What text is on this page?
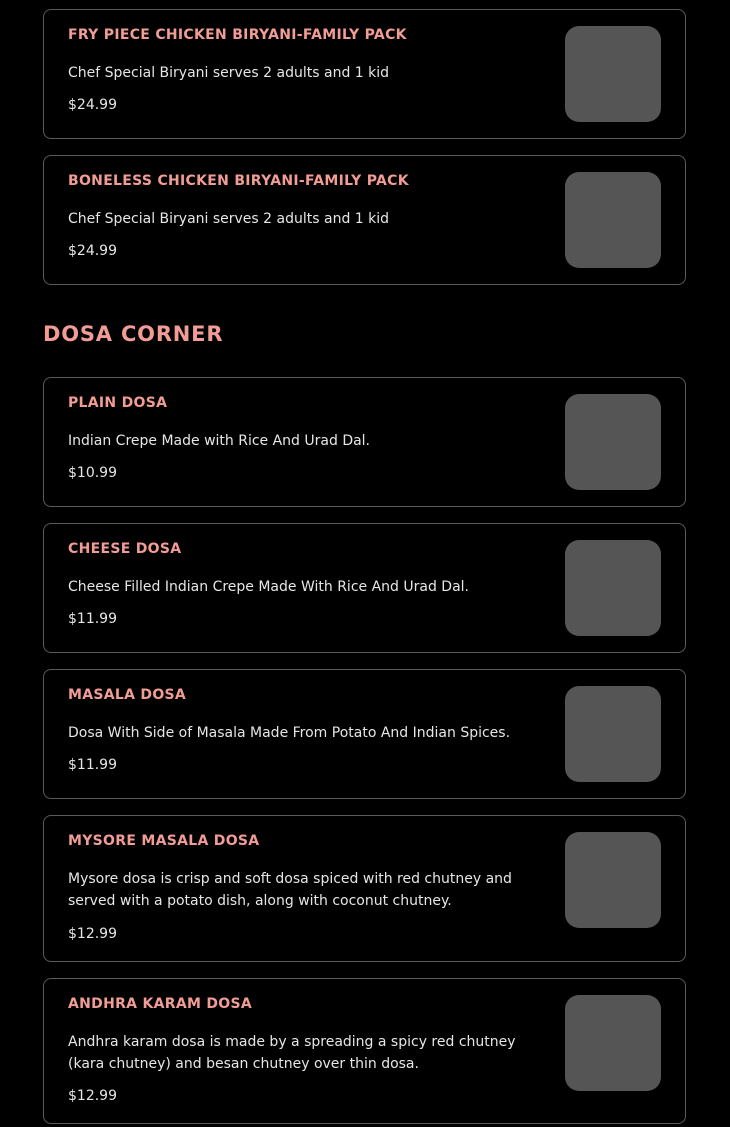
FRY PIECE CHICKEN BIRYANI-FAMILY PACK

Chef Special Biryani serves 2 adults and 1 kid

$24.99

BONELESS CHICKEN BIRYANI-FAMILY PACK

Chef Special Biryani serves 2 adults and 1 kid

$24.99

DOSA CORNER
PLAIN DOSA

Indian Crepe Made with Rice And Urad Dal.

$10.99

CHEESE DOSA

Cheese Filled Indian Crepe Made With Rice And Urad Dal.

$11.99

MASALA DOSA

Dosa With Side of Masala Made From Potato And Indian Spices.

$11.99

MYSORE MASALA DOSA

Mysore dosa is crisp and soft dosa spiced with red chutney and served with a potato dish, along with coconut chutney.

$12.99

ANDHRA KARAM DOSA

Andhra karam dosa is made by a spreading a spicy red chutney (kara chutney) and besan chutney over thin dosa.

$12.99
